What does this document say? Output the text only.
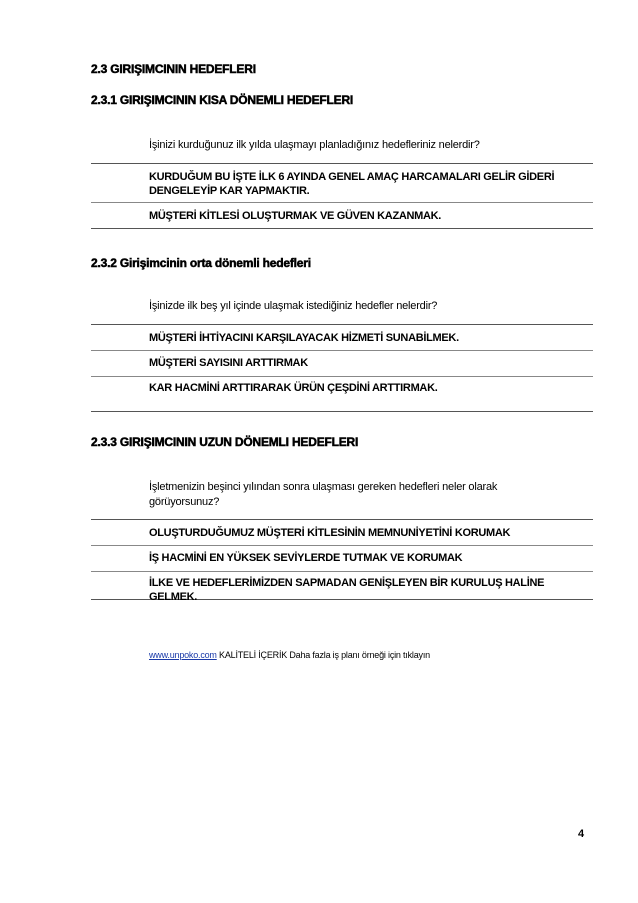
2.3 GIRIŞIMCININ HEDEFLERI
2.3.1 GIRIŞIMCININ KISA DÖNEMLI HEDEFLERI
İşinizi kurduğunuz ilk yılda ulaşmayı planladığınız hedefleriniz nelerdir?
KURDUĞUM BU İŞTE İLK 6 AYINDA GENEL AMAÇ HARCAMALARI GELİR GİDERİ DENGELEYİP KAR YAPMAKTIR.
MÜŞTERİ KİTLESİ OLUŞTURMAK VE GÜVEN KAZANMAK.
2.3.2 Girişimcinin orta dönemli hedefleri
İşinizde ilk beş yıl içinde ulaşmak istediğiniz hedefler nelerdir?
MÜŞTERİ İHTİYACINI KARŞILAYACAK HİZMETİ SUNABİLMEK.
MÜŞTERİ SAYISINI ARTTIRMAK
KAR HACMİNİ ARTTIRARAK ÜRÜN ÇEŞDİNİ ARTTIRMAK.
2.3.3 GIRIŞIMCININ UZUN DÖNEMLI HEDEFLERI
İşletmenizin beşinci yılından sonra ulaşması gereken hedefleri neler olarak görüyorsunuz?
OLUŞTURDUĞUMUZ MÜŞTERİ KİTLESİNİN MEMNUNİYETİNİ KORUMAK
İŞ HACMİNİ EN YÜKSEK SEVİYLERDE TUTMAK VE KORUMAK
İLKE VE HEDEFLERİMİZDEN SAPMADAN GENİŞLEYEN BİR KURULUŞ HALİNE GELMEK.
www.unpoko.com KALİTELİ İÇERİK Daha fazla iş planı örneği için tıklayın
4
